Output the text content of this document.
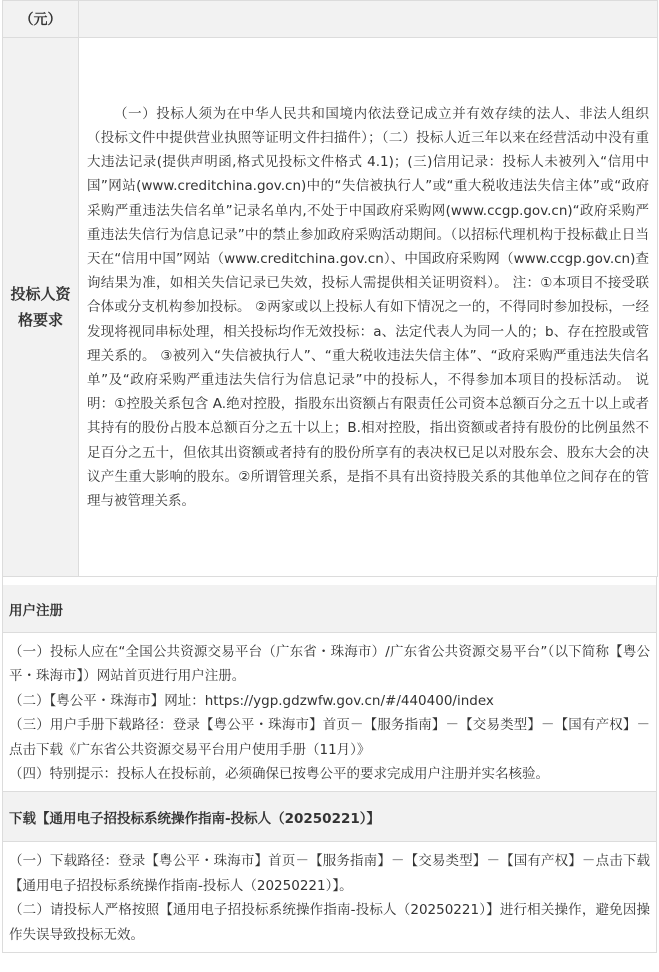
（元）	
投标人资格要求	（一）投标人须为在中华人民共和国境内依法登记成立并有效存续的法人、非法人组织（投标文件中提供营业执照等证明文件扫描件）；（二）投标人近三年以来在经营活动中没有重大违法记录(提供声明函,格式见投标文件格式 4.1)；(三)信用记录：投标人未被列入“信用中国”网站(www.creditchina.gov.cn)中的“失信被执行人”或“重大税收违法失信主体”或“政府采购严重违法失信名单”记录名单内,不处于中国政府采购网(www.ccgp.gov.cn)“政府采购严重违法失信行为信息记录”中的禁止参加政府采购活动期间。（以招标代理机构于投标截止日当天在“信用中国”网站（www.creditchina.gov.cn）、中国政府采购网（www.ccgp.gov.cn)查询结果为准，如相关失信记录已失效，投标人需提供相关证明资料）。 注：①本项目不接受联合体或分支机构参加投标。 ②两家或以上投标人有如下情况之一的，不得同时参加投标，一经发现将视同串标处理，相关投标均作无效投标：a、法定代表人为同一人的；b、存在控股或管理关系的。 ③被列入“失信被执行人”、“重大税收违法失信主体”、“政府采购严重违法失信名单”及“政府采购严重违法失信行为信息记录”中的投标人，不得参加本项目的投标活动。 说明：①控股关系包含 A.绝对控股，指股东出资额占有限责任公司资本总额百分之五十以上或者其持有的股份占股本总额百分之五十以上；B.相对控股，指出资额或者持有股份的比例虽然不足百分之五十，但依其出资额或者持有的股份所享有的表决权已足以对股东会、股东大会的决议产生重大影响的股东。②所谓管理关系，是指不具有出资持股关系的其他单位之间存在的管理与被管理关系。
用户注册

（一）投标人应在“全国公共资源交易平台（广东省・珠海市）/广东省公共资源交易平台”（以下简称【粤公平・珠海市】）网站首页进行用户注册。

（二）【粤公平・珠海市】网址：https://ygp.gdzwfw.gov.cn/#/440400/index

（三）用户手册下载路径：登录【粤公平・珠海市】首页－【服务指南】－【交易类型】－【国有产权】－点击下载《广东省公共资源交易平台用户使用手册（11月）》

（四）特别提示：投标人在投标前，必须确保已按粤公平的要求完成用户注册并实名核验。

下载【通用电子招投标系统操作指南-投标人（20250221）】

（一）下载路径：登录【粤公平・珠海市】首页－【服务指南】－【交易类型】－【国有产权】－点击下载【通用电子招投标系统操作指南-投标人（20250221）】。

（二）请投标人严格按照【通用电子招投标系统操作指南-投标人（20250221）】进行相关操作，避免因操作失误导致投标无效。
